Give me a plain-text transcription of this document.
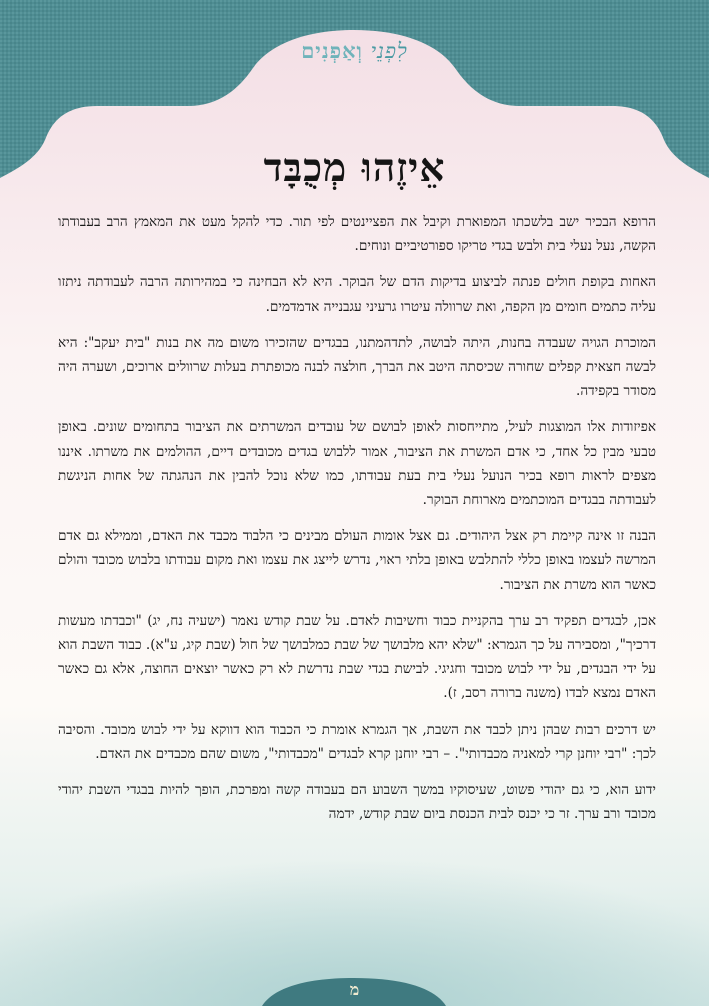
לִפְנֵי וְאַפְנִים
אֵיזֶהוּ מְכֻבָּד

הרופא הבכיר ישב בלשכתו המפוארת וקיבל את הפציינטים לפי תור. כדי להקל מעט את המאמץ הרב בעבודתו הקשה, נעל נעלי בית ולבש בגדי טריקו ספורטיביים ונוחים.

האחות בקופת חולים פנתה לביצוע בדיקות הדם של הבוקר. היא לא הבחינה כי במהירותה הרבה לעבודתה ניתזו עליה כתמים חומים מן הקפה, ואת שרוולה עיטרו גרעיני עגבנייה אדמדמים.

המוכרת הגויה שעבדה בחנות, היתה לבושה, לתדהמתנו, בבגדים שהזכירו משום מה את בנות "בית יעקב": היא לבשה חצאית קפלים שחורה שכיסתה היטב את הברך, חולצה לבנה מכופתרת בעלות שרוולים ארוכים, ושערה היה מסודר בקפידה.

אפיזודות אלו המוצגות לעיל, מתייחסות לאופן לבושם של עובדים המשרתים את הציבור בתחומים שונים. באופן טבעי מבין כל אחד, כי אדם המשרת את הציבור, אמור ללבוש בגדים מכובדים דיים, ההולמים את משרתו. איננו מצפים לראות רופא בכיר הנועל נעלי בית בעת עבודתו, כמו שלא נוכל להבין את הנהגתה של אחות הניגשת לעבודתה בבגדים המוכתמים מארוחת הבוקר.

הבנה זו אינה קיימת רק אצל היהודים. גם אצל אומות העולם מבינים כי הלבוד מכבד את האדם, וממילא גם אדם המרשה לעצמו באופן כללי להתלבש באופן בלתי ראוי, נדרש לייצג את עצמו ואת מקום עבודתו בלבוש מכובד והולם כאשר הוא משרת את הציבור.

אכן, לבגדים תפקיד רב ערך בהקניית כבוד וחשיבות לאדם. על שבת קודש נאמר (ישעיה נח, יג) "וכבדתו מעשות דרכיך", ומסבירה על כך הגמרא: "שלא יהא מלבושך של שבת כמלבושך של חול (שבת קיג, ע"א). כבוד השבת הוא על ידי הבגדים, על ידי לבוש מכובד וחגיגי. לבישת בגדי שבת נדרשת לא רק כאשר יוצאים החוצה, אלא גם כאשר האדם נמצא לבדו (משנה ברורה רסב, ז).

יש דרכים רבות שבהן ניתן לכבד את השבת, אך הגמרא אומרת כי הכבוד הוא דווקא על ידי לבוש מכובד. והסיבה לכך: "רבי יוחנן קרי למאניה מכבדותי". – רבי יוחנן קרא לבגדים "מכבדותי", משום שהם מכבדים את האדם.

ידוע הוא, כי גם יהודי פשוט, שעיסוקיו במשך השבוע הם בעבודה קשה ומפרכת, הופך להיות בבגדי השבת יהודי מכובד ורב ערך. זר כי יכנס לבית הכנסת ביום שבת קודש, ידמה

מ
